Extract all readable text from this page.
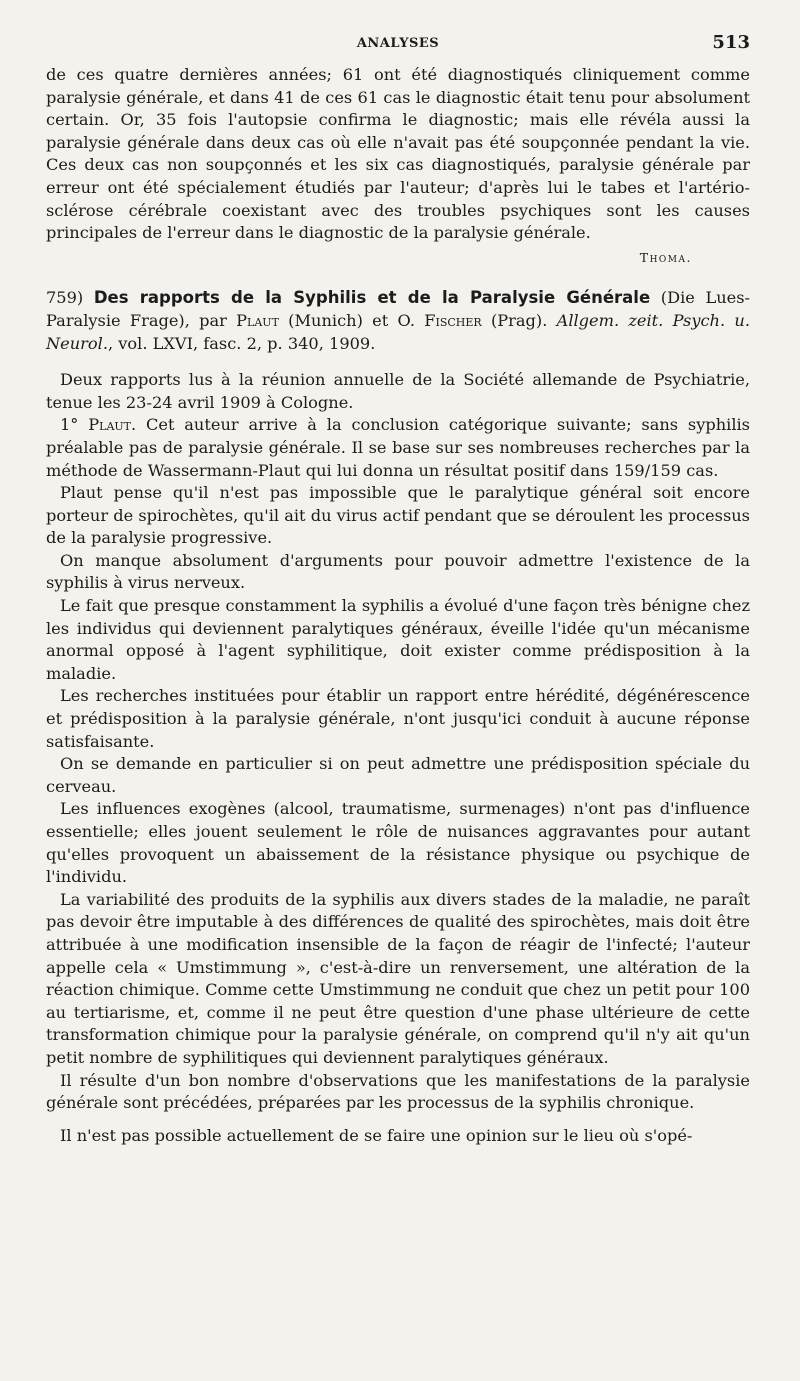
ANALYSES	513

de ces quatre dernières années; 61 ont été diagnostiqués cliniquement comme paralysie générale, et dans 41 de ces 61 cas le diagnostic était tenu pour absolument certain. Or, 35 fois l'autopsie confirma le diagnostic; mais elle révéla aussi la paralysie générale dans deux cas où elle n'avait pas été soupçonnée pendant la vie. Ces deux cas non soupçonnés et les six cas diagnostiqués, paralysie générale par erreur ont été spécialement étudiés par l'auteur; d'après lui le tabes et l'artério-sclérose cérébrale coexistant avec des troubles psychiques sont les causes principales de l'erreur dans le diagnostic de la paralysie générale.

Thoma.

759) Des rapports de la Syphilis et de la Paralysie Générale (Die Lues-Paralysie Frage), par Plaut (Munich) et O. Fischer (Prag). Allgem. zeit. Psych. u. Neurol., vol. LXVI, fasc. 2, p. 340, 1909.

Deux rapports lus à la réunion annuelle de la Société allemande de Psychiatrie, tenue les 23-24 avril 1909 à Cologne.

1° Plaut. Cet auteur arrive à la conclusion catégorique suivante; sans syphilis préalable pas de paralysie générale. Il se base sur ses nombreuses recherches par la méthode de Wassermann-Plaut qui lui donna un résultat positif dans 159/159 cas.

Plaut pense qu'il n'est pas impossible que le paralytique général soit encore porteur de spirochètes, qu'il ait du virus actif pendant que se déroulent les processus de la paralysie progressive.

On manque absolument d'arguments pour pouvoir admettre l'existence de la syphilis à virus nerveux.

Le fait que presque constamment la syphilis a évolué d'une façon très bénigne chez les individus qui deviennent paralytiques généraux, éveille l'idée qu'un mécanisme anormal opposé à l'agent syphilitique, doit exister comme prédisposition à la maladie.

Les recherches instituées pour établir un rapport entre hérédité, dégénérescence et prédisposition à la paralysie générale, n'ont jusqu'ici conduit à aucune réponse satisfaisante.

On se demande en particulier si on peut admettre une prédisposition spéciale du cerveau.

Les influences exogènes (alcool, traumatisme, surmenages) n'ont pas d'influence essentielle; elles jouent seulement le rôle de nuisances aggravantes pour autant qu'elles provoquent un abaissement de la résistance physique ou psychique de l'individu.

La variabilité des produits de la syphilis aux divers stades de la maladie, ne paraît pas devoir être imputable à des différences de qualité des spirochètes, mais doit être attribuée à une modification insensible de la façon de réagir de l'infecté; l'auteur appelle cela « Umstimmung », c'est-à-dire un renversement, une altération de la réaction chimique. Comme cette Umstimmung ne conduit que chez un petit pour 100 au tertiarisme, et, comme il ne peut être question d'une phase ultérieure de cette transformation chimique pour la paralysie générale, on comprend qu'il n'y ait qu'un petit nombre de syphilitiques qui deviennent paralytiques généraux.

Il résulte d'un bon nombre d'observations que les manifestations de la paralysie générale sont précédées, préparées par les processus de la syphilis chronique.

Il n'est pas possible actuellement de se faire une opinion sur le lieu où s'opé-
